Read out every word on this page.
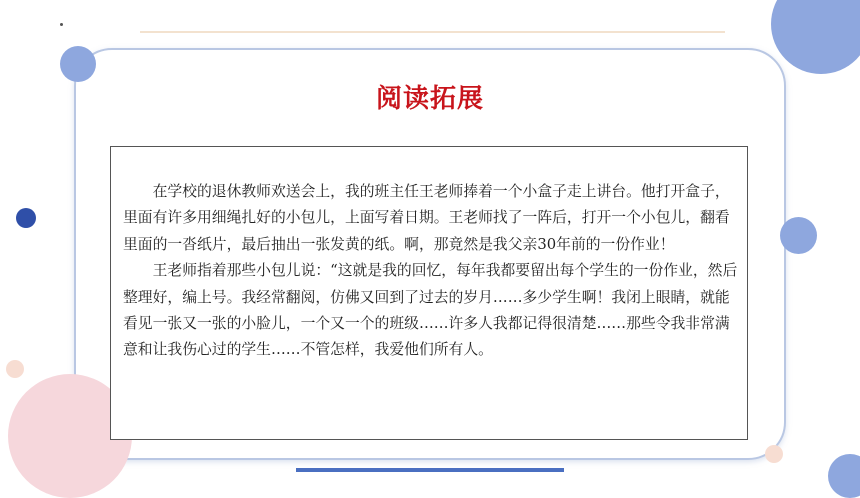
阅读拓展

在学校的退休教师欢送会上，我的班主任王老师捧着一个小盒子走上讲台。他打开盒子，里面有许多用细绳扎好的小包儿，上面写着日期。王老师找了一阵后，打开一个小包儿，翻看里面的一沓纸片，最后抽出一张发黄的纸。啊，那竟然是我父亲30年前的一份作业！

王老师指着那些小包儿说：“这就是我的回忆，每年我都要留出每个学生的一份作业，然后整理好，编上号。我经常翻阅，仿佛又回到了过去的岁月……多少学生啊！我闭上眼睛，就能看见一张又一张的小脸儿，一个又一个的班级……许多人我都记得很清楚……那些令我非常满意和让我伤心过的学生……不管怎样，我爱他们所有人。
